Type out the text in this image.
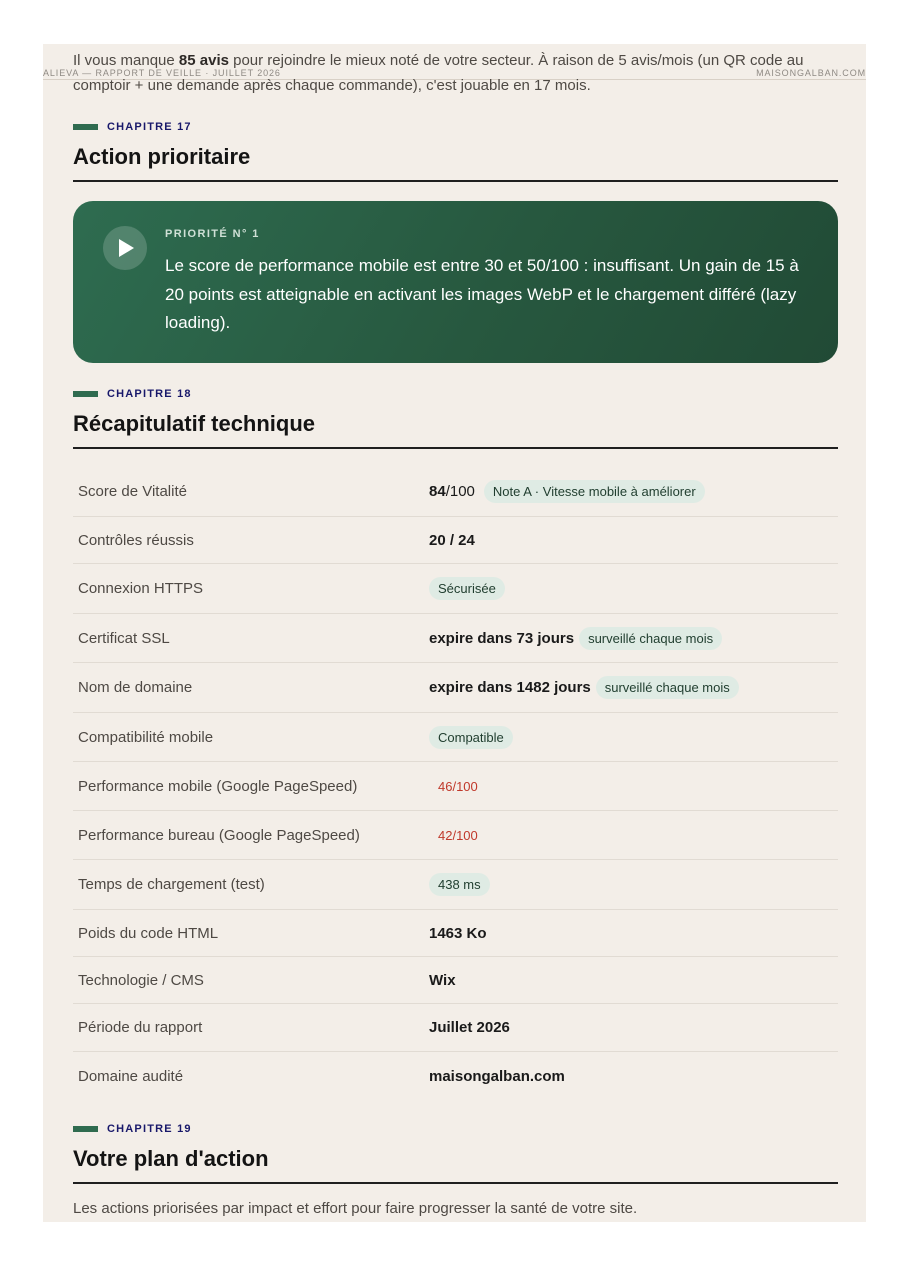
ALIEVA — RAPPORT DE VEILLE · JUILLET 2026	MAISONGALBAN.COM

Il vous manque 85 avis pour rejoindre le mieux noté de votre secteur. À raison de 5 avis/mois (un QR code au comptoir + une demande après chaque commande), c'est jouable en 17 mois.

CHAPITRE 17
Action prioritaire
PRIORITÉ N° 1
Le score de performance mobile est entre 30 et 50/100 : insuffisant. Un gain de 15 à 20 points est atteignable en activant les images WebP et le chargement différé (lazy loading).
CHAPITRE 18
Récapitulatif technique
Score de Vitalité	84 /100	Note A · Vitesse mobile à améliorer
Contrôles réussis	20 / 24
Connexion HTTPS	Sécurisée
Certificat SSL	expire dans 73 jours	surveillé chaque mois
Nom de domaine	expire dans 1482 jours	surveillé chaque mois
Compatibilité mobile	Compatible
Performance mobile (Google PageSpeed)	46/100
Performance bureau (Google PageSpeed)	42/100
Temps de chargement (test)	438 ms
Poids du code HTML	1463 Ko
Technologie / CMS	Wix
Période du rapport	Juillet 2026
Domaine audité	maisongalban.com
CHAPITRE 19
Votre plan d'action

Les actions priorisées par impact et effort pour faire progresser la santé de votre site.
